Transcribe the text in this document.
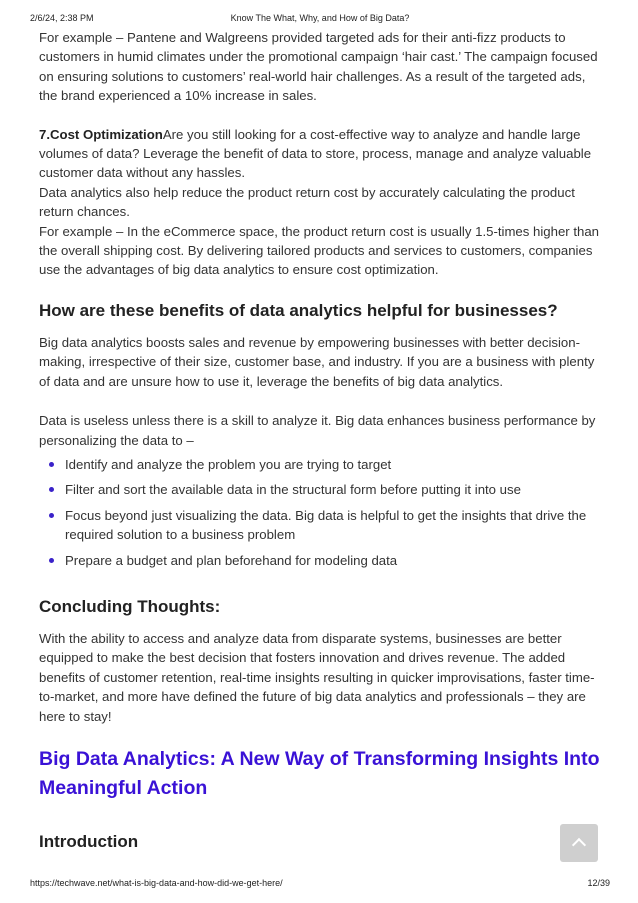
2/6/24, 2:38 PM	Know The What, Why, and How of Big Data?

For example – Pantene and Walgreens provided targeted ads for their anti-fizz products to customers in humid climates under the promotional campaign ‘hair cast.’ The campaign focused on ensuring solutions to customers’ real-world hair challenges. As a result of the targeted ads, the brand experienced a 10% increase in sales.

7.Cost OptimizationAre you still looking for a cost-effective way to analyze and handle large volumes of data? Leverage the benefit of data to store, process, manage and analyze valuable customer data without any hassles.

Data analytics also help reduce the product return cost by accurately calculating the product return chances.

For example – In the eCommerce space, the product return cost is usually 1.5-times higher than the overall shipping cost. By delivering tailored products and services to customers, companies use the advantages of big data analytics to ensure cost optimization.

How are these benefits of data analytics helpful for businesses?

Big data analytics boosts sales and revenue by empowering businesses with better decision-making, irrespective of their size, customer base, and industry. If you are a business with plenty of data and are unsure how to use it, leverage the benefits of big data analytics.

Data is useless unless there is a skill to analyze it. Big data enhances business performance by personalizing the data to –

Identify and analyze the problem you are trying to target
Filter and sort the available data in the structural form before putting it into use
Focus beyond just visualizing the data. Big data is helpful to get the insights that drive the required solution to a business problem
Prepare a budget and plan beforehand for modeling data
Concluding Thoughts:

With the ability to access and analyze data from disparate systems, businesses are better equipped to make the best decision that fosters innovation and drives revenue. The added benefits of customer retention, real-time insights resulting in quicker improvisations, faster time-to-market, and more have defined the future of big data analytics and professionals – they are here to stay!

Big Data Analytics: A New Way of Transforming Insights Into Meaningful Action
Introduction
https://techwave.net/what-is-big-data-and-how-did-we-get-here/	12/39
